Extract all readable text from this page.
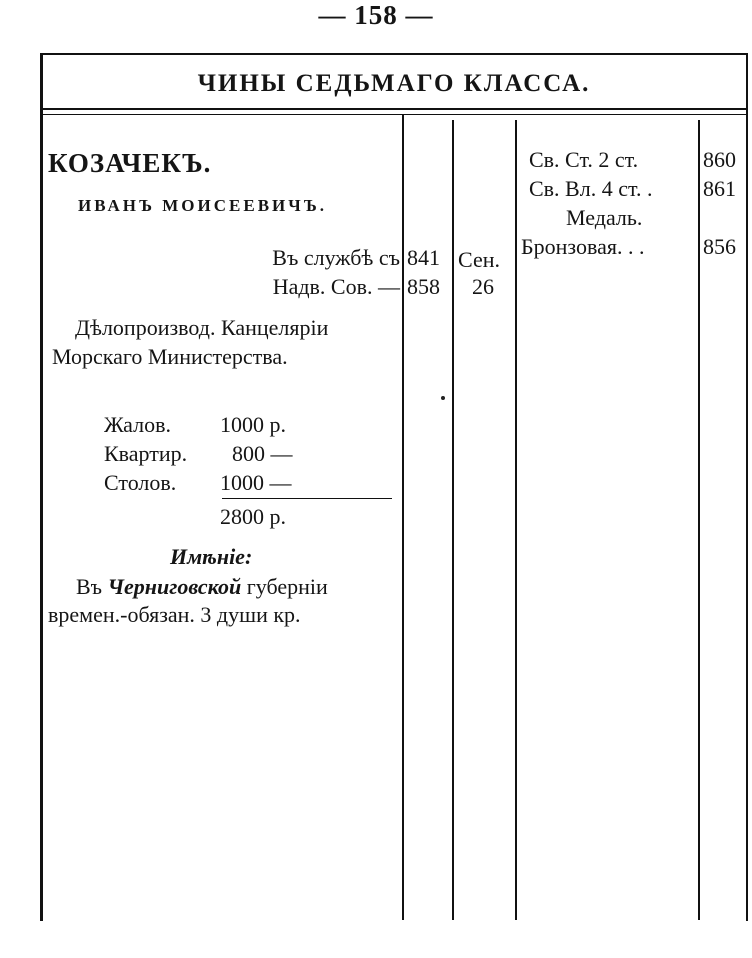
— 158 —
ЧИНЫ СЕДЬМАГО КЛАССА.
КОЗАЧЕКЪ.
ИВАНЪ МОИСЕЕВИЧЪ.
Въ службѣ съ 841 Сен.
Надв. Сов. — 858 26
Дѣлопроизвод. Канцеляріи
Морскаго Министерства.
Жалов. 1000 р.
Квартир. 800 —
Столов. 1000 —
2800 р.
Имѣніе:
Въ Черниговской губерніи
времен.-обязан. 3 души кр.
Св. Ст. 2 ст.	860
Св. Вл. 4 ст. . 861
Медаль.
Бронзовая. . .	856
